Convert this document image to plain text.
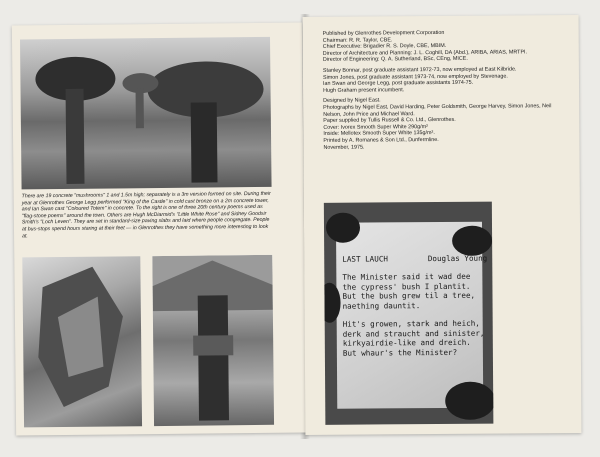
There are 19 concrete "mushrooms" 1 and 1.5m high; separately is a 3m version formed on site. During their year at Glenrothes George Legg performed "King of the Castle" in cold cast bronze on a 2m concrete tower, and Ian Swan cast "Coloured Totem" in concrete. To the right is one of three 20th century poems used as "flag-stone poems" around the town. Others are Hugh McDiarmid's "Little White Rose" and Sidney Goodsir Smith's "Loch Leven". They are set in standard-size paving slabs and laid where people congregate. People at bus-stops spend hours staring at their feet — in Glenrothes they have something more interesting to look at.

Published by Glenrothes Development Corporation
Chairman: R. R. Taylor, CBE.
Chief Executive: Brigadier R. S. Doyle, CBE, MBIM.
Director of Architecture and Planning: J. L. Coghill, DA (Abd.), ARIBA, ARIAS, MRTPI.
Director of Engineering: Q. A. Sutherland, BSc, CEng, MICE.

Stanley Bonnar, post graduate assistant 1972-73, now employed at East Kilbride.
Simon Jones, post graduate assistant 1973-74, now employed by Stevenage.
Ian Swan and George Legg, post graduate assistants 1974-75.
Hugh Graham present incumbent.

Designed by Nigel East.
Photographs by Nigel East, David Harding, Peter Goldsmith, George Harvey, Simon Jones, Neil Nelson, John Price and Michael Ward.
Paper supplied by Tullis Russell & Co. Ltd., Glenrothes.
Cover: Ivorex Smooth Super White 290g/m²
Inside: Mellotex Smooth Super White 135g/m².
Printed by A. Romanes & Son Ltd., Dunfermline.
November, 1975.

LAST LAUCH	Douglas Young
The Minister said it wad dee
the cypress' bush I plantit.
But the bush grew til a tree,
naething dauntit.

Hit's growen, stark and heich,
derk and straucht and sinister,
kirkyairdie-like and dreich.
But whaur's the Minister?
